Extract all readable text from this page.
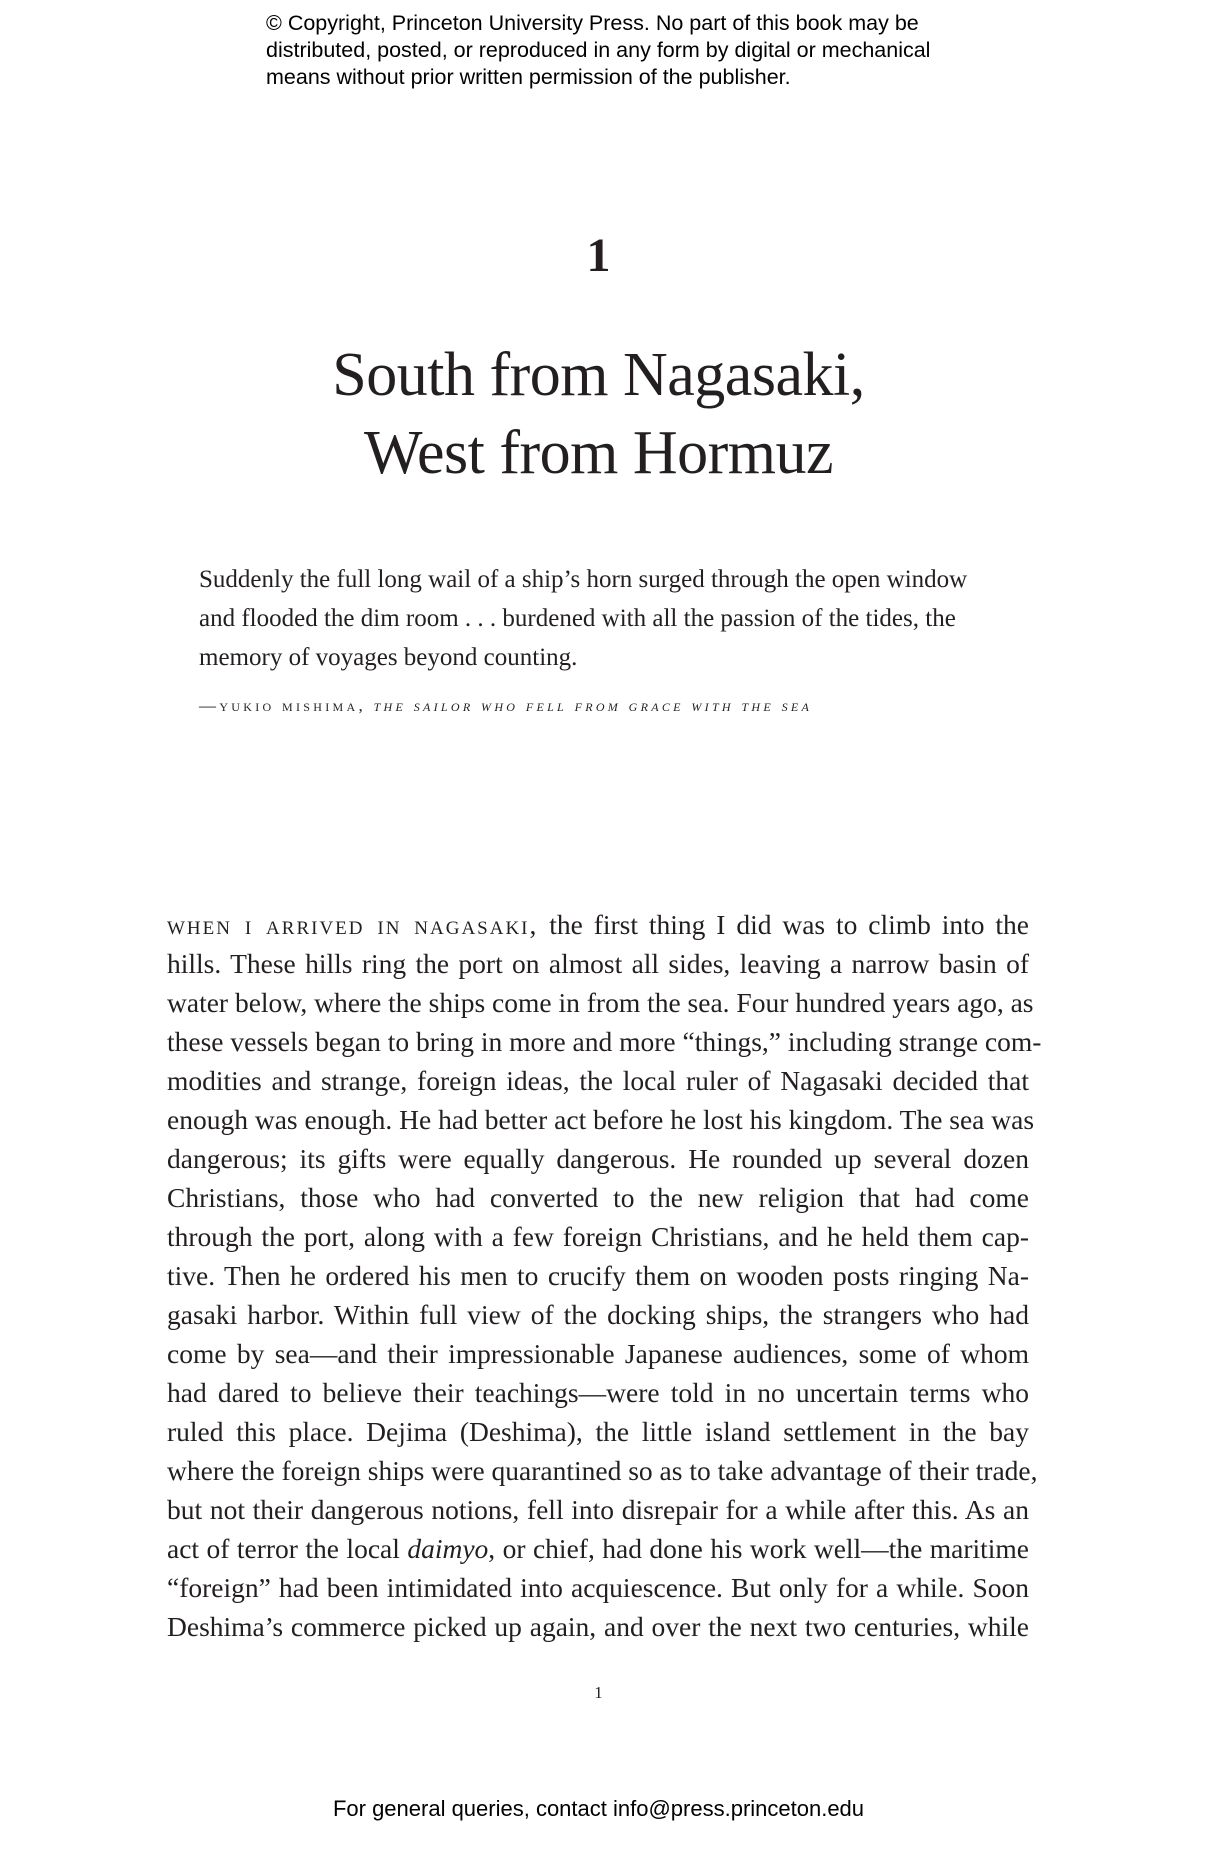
© Copyright, Princeton University Press. No part of this book may be
distributed, posted, or reproduced in any form by digital or mechanical
means without prior written permission of the publisher.
1
South from Nagasaki,
West from Hormuz
Suddenly the full long wail of a ship’s horn surged through the open window
and flooded the dim room . . . burdened with all the passion of the tides, the
memory of voyages beyond counting.
—yukio mishima, the sailor who fell from grace with the sea
when i arrived in nagasaki, the first thing I did was to climb into the
hills. These hills ring the port on almost all sides, leaving a narrow basin of
water below, where the ships come in from the sea. Four hundred years ago, as
these vessels began to bring in more and more “things,” including strange com-
modities and strange, foreign ideas, the local ruler of Nagasaki decided that
enough was enough. He had better act before he lost his kingdom. The sea was
dangerous; its gifts were equally dangerous. He rounded up several dozen
Christians, those who had converted to the new religion that had come
through the port, along with a few foreign Christians, and he held them cap-
tive. Then he ordered his men to crucify them on wooden posts ringing Na-
gasaki harbor. Within full view of the docking ships, the strangers who had
come by sea—and their impressionable Japanese audiences, some of whom
had dared to believe their teachings—were told in no uncertain terms who
ruled this place. Dejima (Deshima), the little island settlement in the bay
where the foreign ships were quarantined so as to take advantage of their trade,
but not their dangerous notions, fell into disrepair for a while after this. As an
act of terror the local daimyo, or chief, had done his work well—the maritime
“foreign” had been intimidated into acquiescence. But only for a while. Soon
Deshima’s commerce picked up again, and over the next two centuries, while
1
For general queries, contact info@press.princeton.edu
